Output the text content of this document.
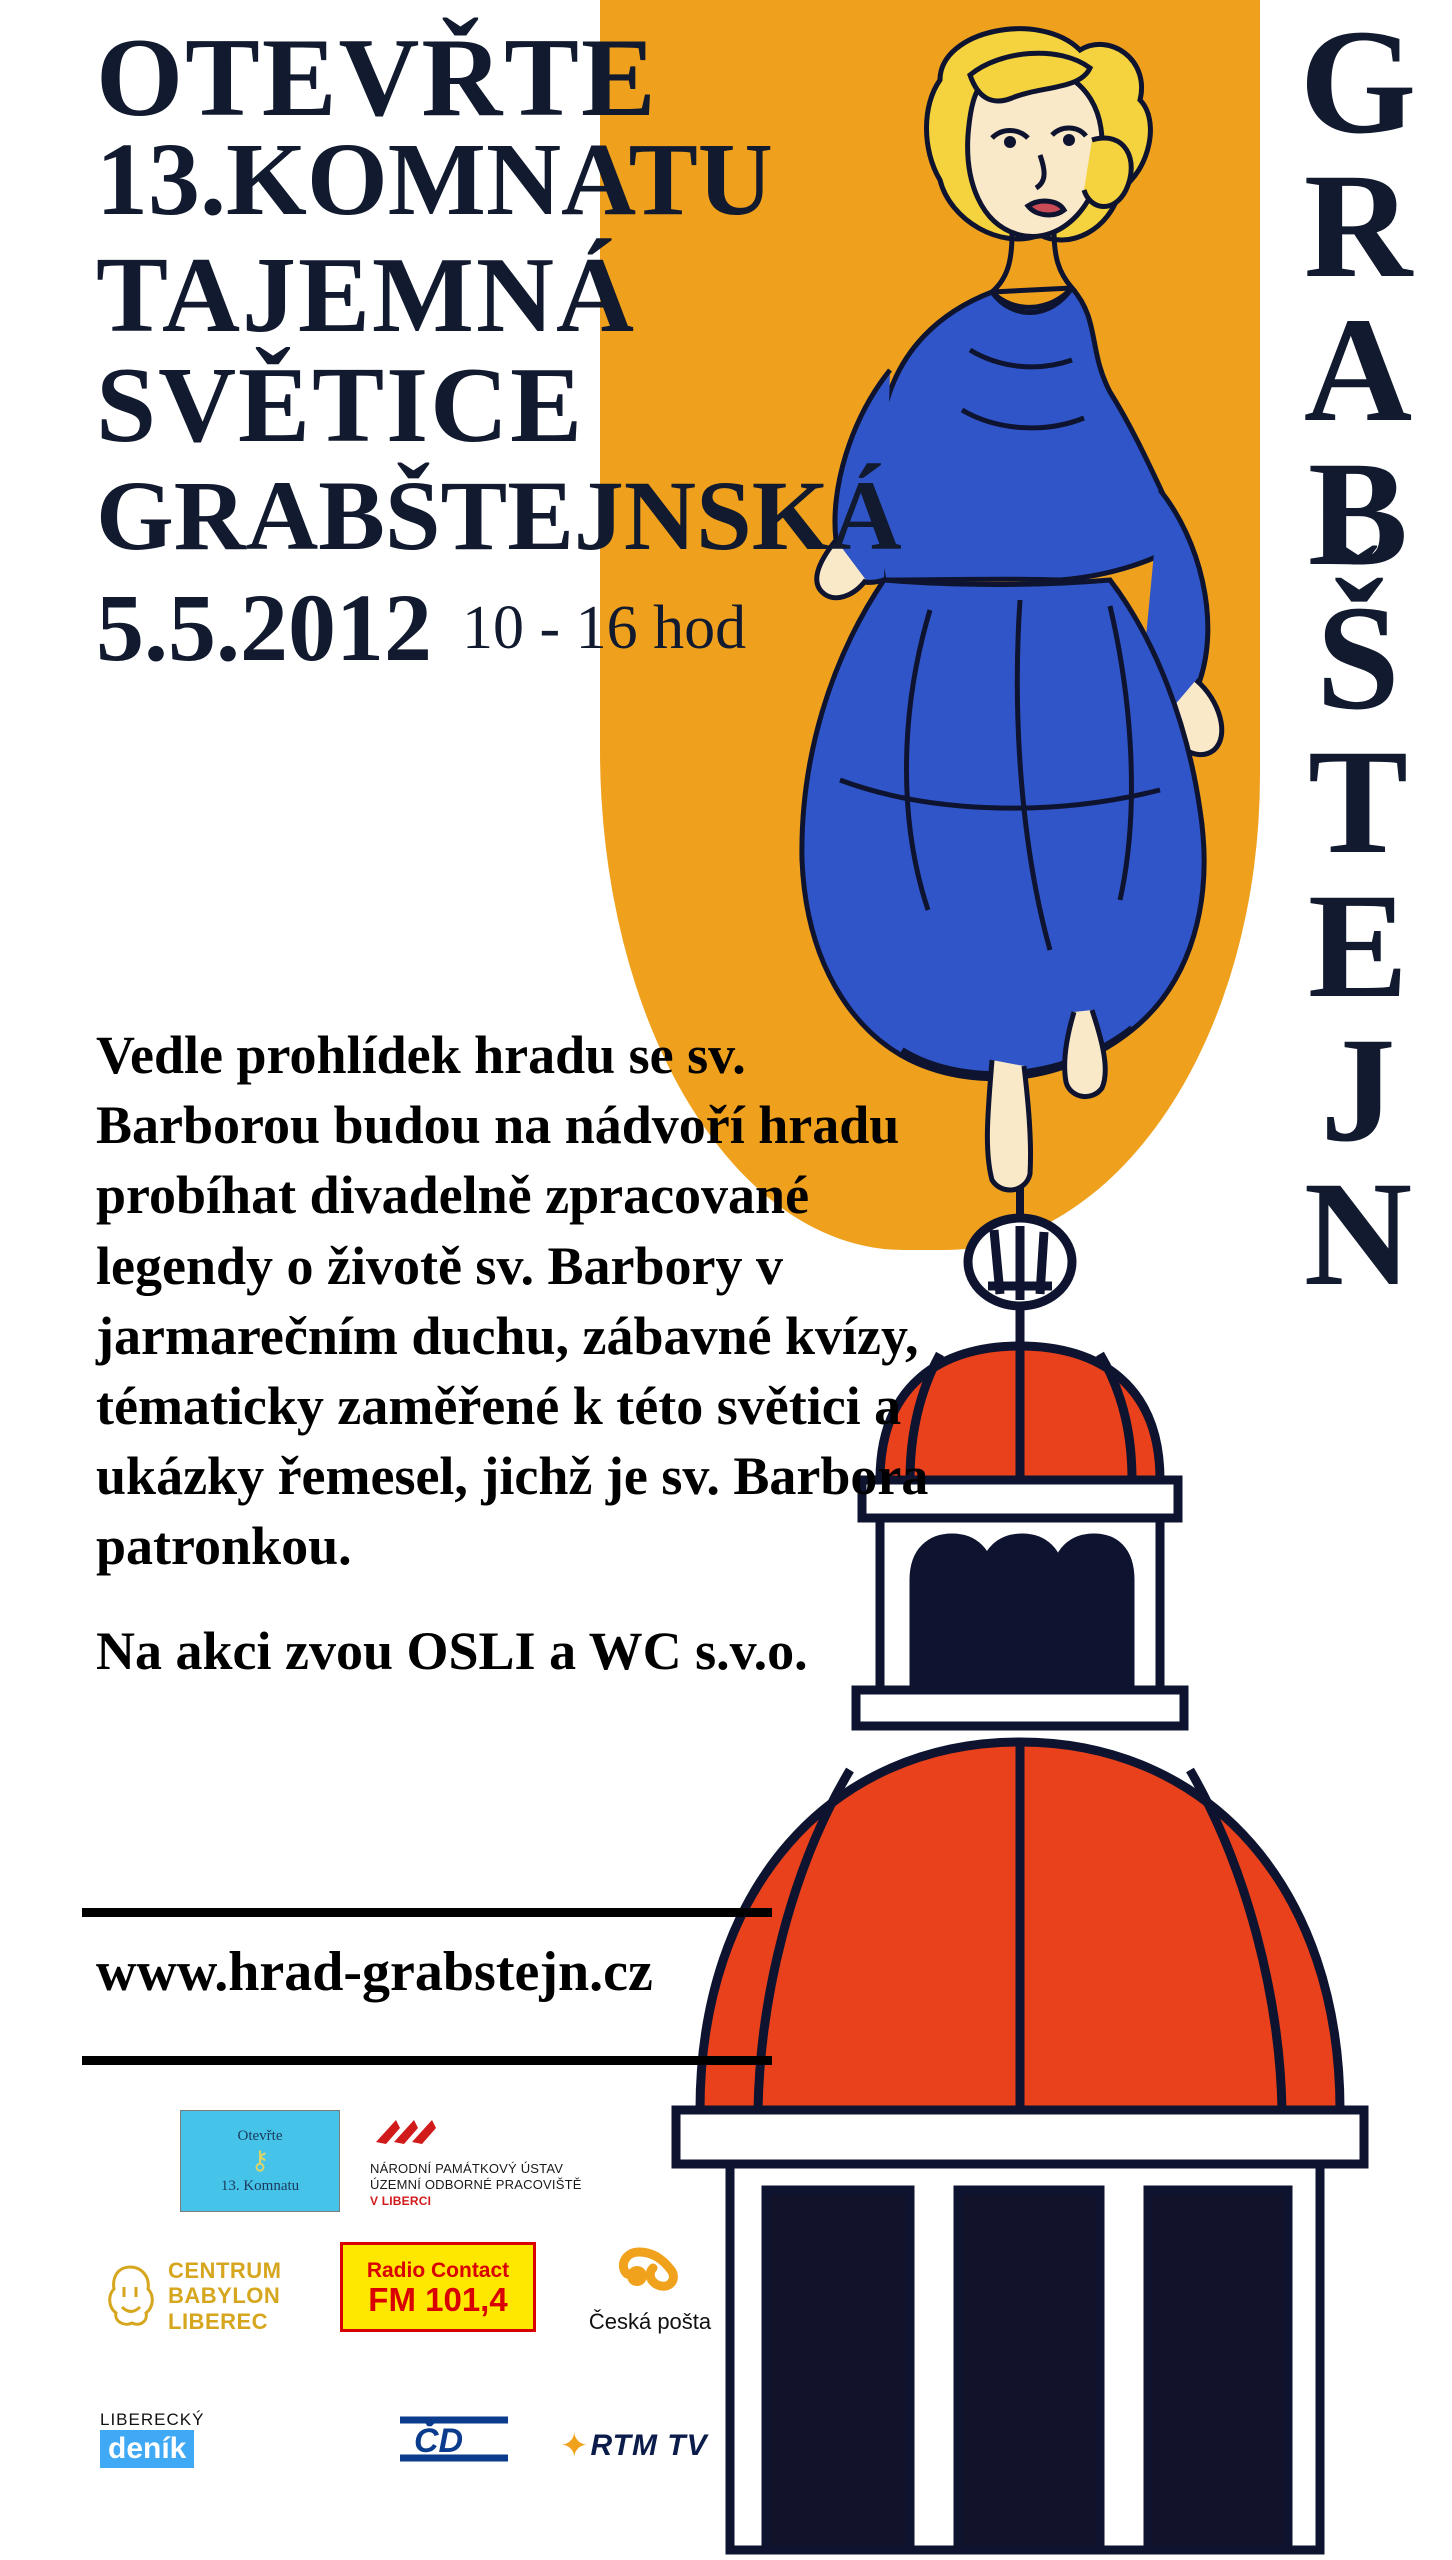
G
R
A
B
ˇ Š
T
E
J
N
OTEVŘTE
13.KOMNATU
TAJEMNÁ
SVĚTICE
GRABŠTEJNSKÁ
5.5.2012 10 - 16 hod

Vedle prohlídek hradu se sv. Barborou budou na nádvoří hradu probíhat divadelně zpracované legendy o životě sv. Barbory v jarmarečním duchu, zábavné kvízy, tématicky zaměřené k této světici a ukázky řemesel, jichž je sv. Barbora patronkou.

Na akci zvou OSLI a WC s.v.o.

www.hrad-grabstejn.cz
Otevřte
⚷
13. Komnatu
NÁRODNÍ PAMÁTKOVÝ ÚSTAV
ÚZEMNÍ ODBORNÉ PRACOVIŠTĚ
V LIBERCI
CENTRUM
BABYLON
LIBEREC
Radio Contact
FM 101,4
Česká pošta
LIBERECKÝ
deník	ČD	✦ RTM TV
